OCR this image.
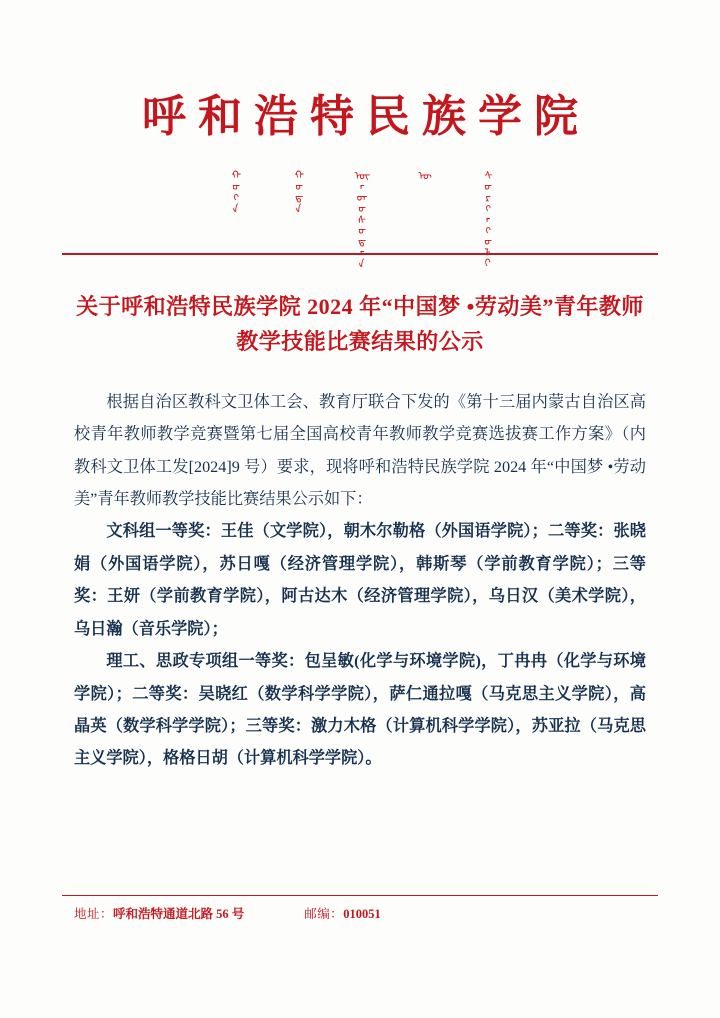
呼和浩特民族学院
ᠬᠥᠬᠡ	ᠬᠣᠲᠠ	ᠦᠨᠳᠦᠰᠦᠲᠡᠨ	ᠦ	ᠰᠤᠷᠭᠠᠭᠤᠯᠢ
关于呼和浩特民族学院 2024 年“中国梦 •劳动美”青年教师教学技能比赛结果的公示

根据自治区教科文卫体工会、教育厅联合下发的《第十三届内蒙古自治区高校青年教师教学竞赛暨第七届全国高校青年教师教学竞赛选拔赛工作方案》（内教科文卫体工发[2024]9 号）要求，现将呼和浩特民族学院 2024 年“中国梦 •劳动美”青年教师教学技能比赛结果公示如下：

文科组一等奖：王佳（文学院），朝木尔勒格（外国语学院）；二等奖：张晓娟（外国语学院），苏日嘎（经济管理学院），韩斯琴（学前教育学院）；三等奖：王妍（学前教育学院），阿古达木（经济管理学院），乌日汉（美术学院），乌日瀚（音乐学院）；

理工、思政专项组一等奖：包呈敏(化学与环境学院)，丁冉冉（化学与环境学院）；二等奖：吴晓红（数学科学学院），萨仁通拉嘎（马克思主义学院），高晶英（数学科学学院）；三等奖：激力木格（计算机科学学院），苏亚拉（马克思主义学院），格格日胡（计算机科学学院）。

地址：呼和浩特通道北路 56 号	邮编：010051
